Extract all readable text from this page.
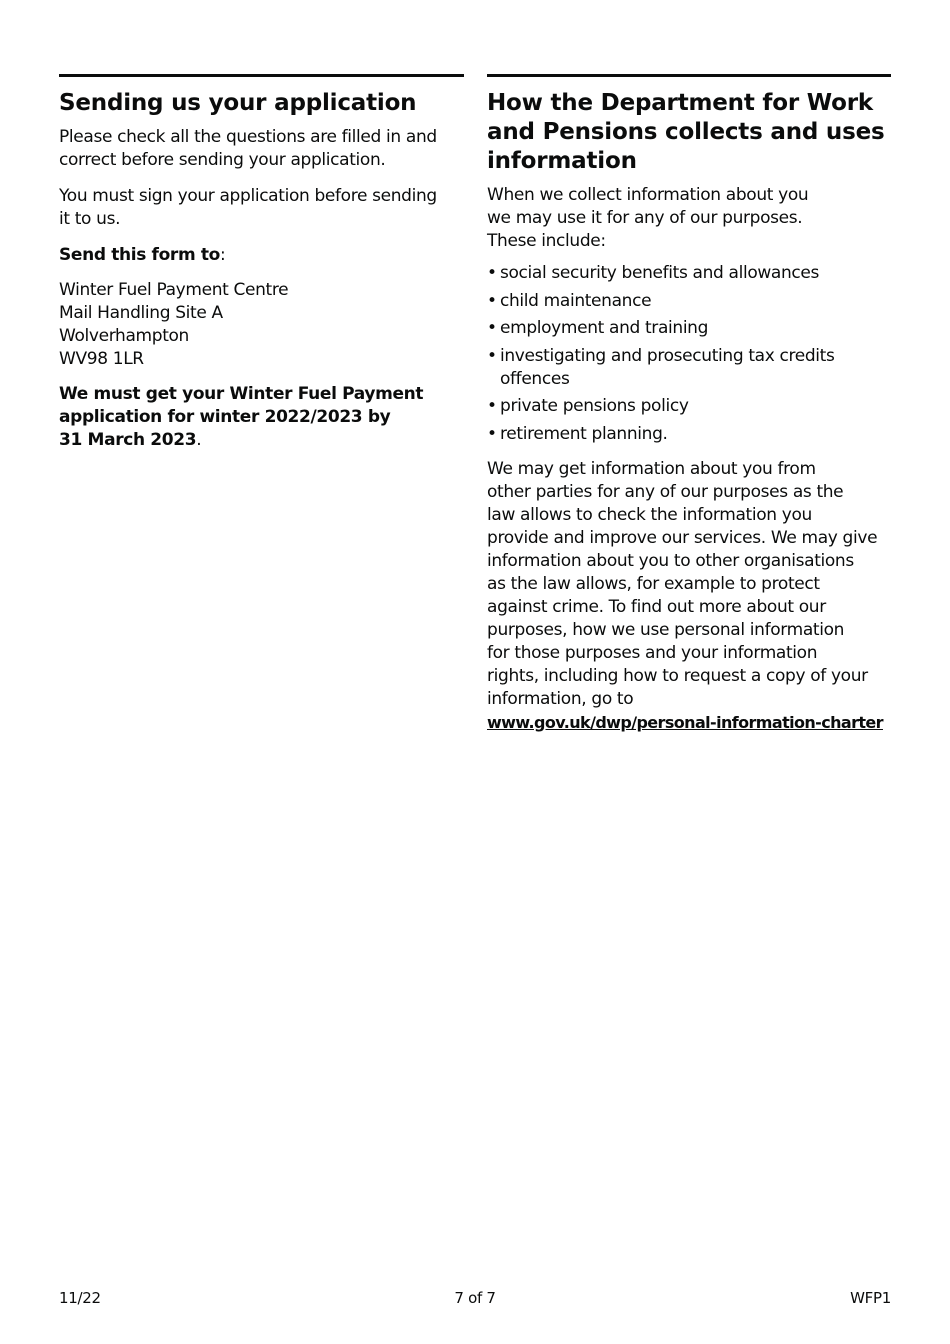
Sending us your application

Please check all the questions are filled in and
correct before sending your application.

You must sign your application before sending
it to us.

Send this form to:

Winter Fuel Payment Centre
Mail Handling Site A
Wolverhampton
WV98 1LR

We must get your Winter Fuel Payment
application for winter 2022/2023 by
31 March 2023.

How the Department for Work
and Pensions collects and uses
information

When we collect information about you
we may use it for any of our purposes.
These include:

• social security benefits and allowances
• child maintenance
• employment and training
• investigating and prosecuting tax credits
offences
• private pensions policy
• retirement planning.

We may get information about you from
other parties for any of our purposes as the
law allows to check the information you
provide and improve our services. We may give
information about you to other organisations
as the law allows, for example to protect
against crime. To find out more about our
purposes, how we use personal information
for those purposes and your information
rights, including how to request a copy of your
information, go to
www.gov.uk/dwp/personal-information-charter

11/22	7 of 7	WFP1
